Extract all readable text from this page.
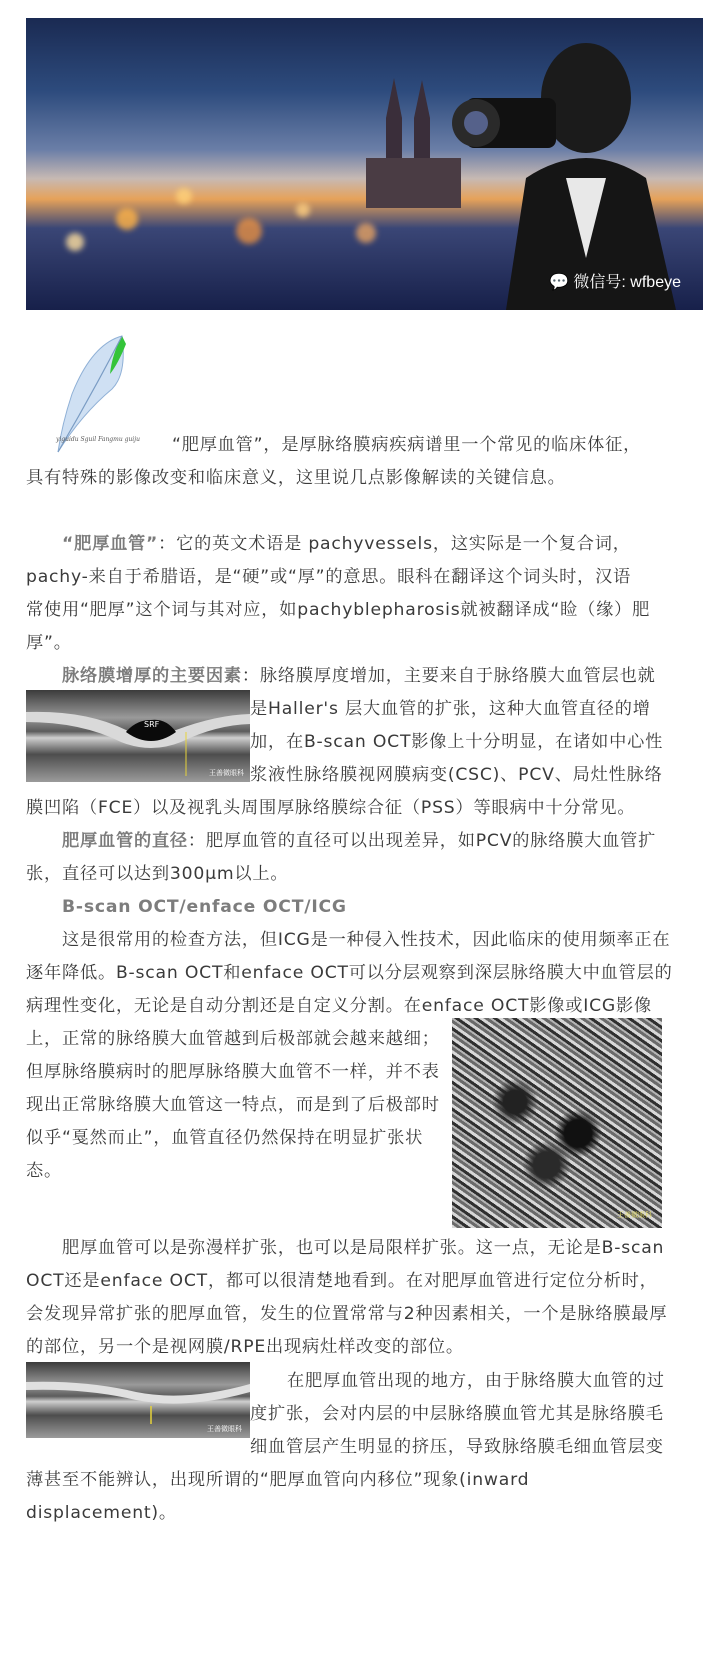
💬 微信号: wfbeye
yiguidu Sguil Fangmu guiju “肥厚血管”，是厚脉络膜病疾病谱里一个常见的临床体征，

具有特殊的影像改变和临床意义，这里说几点影像解读的关键信息。

“肥厚血管”：它的英文术语是 pachyvessels，这实际是一个复合词，

pachy-来自于希腊语，是“硬”或“厚”的意思。眼科在翻译这个词头时，汉语

常使用“肥厚”这个词与其对应，如pachyblepharosis就被翻译成“睑（缘）肥

厚”。

脉络膜增厚的主要因素：脉络膜厚度增加，主要来自于脉络膜大血管层也就

SRF
王善微眼科

是Haller's 层大血管的扩张，这种大血管直径的增

加，在B-scan OCT影像上十分明显，在诸如中心性

浆液性脉络膜视网膜病变(CSC)、PCV、局灶性脉络

膜凹陷（FCE）以及视乳头周围厚脉络膜综合征（PSS）等眼病中十分常见。

肥厚血管的直径：肥厚血管的直径可以出现差异，如PCV的脉络膜大血管扩

张，直径可以达到300μm以上。

B-scan OCT/enface OCT/ICG

这是很常用的检查方法，但ICG是一种侵入性技术，因此临床的使用频率正在

逐年降低。B-scan OCT和enface OCT可以分层观察到深层脉络膜大中血管层的

病理性变化，无论是自动分割还是自定义分割。在enface OCT影像或ICG影像

上，正常的脉络膜大血管越到后极部就会越来越细；

但厚脉络膜病时的肥厚脉络膜大血管不一样，并不表

现出正常脉络膜大血管这一特点，而是到了后极部时

似乎“戛然而止”，血管直径仍然保持在明显扩张状

态。

王善微眼科

肥厚血管可以是弥漫样扩张，也可以是局限样扩张。这一点，无论是B-scan

OCT还是enface OCT，都可以很清楚地看到。在对肥厚血管进行定位分析时，

会发现异常扩张的肥厚血管，发生的位置常常与2种因素相关，一个是脉络膜最厚

的部位，另一个是视网膜/RPE出现病灶样改变的部位。

王善微眼科

在肥厚血管出现的地方，由于脉络膜大血管的过

度扩张，会对内层的中层脉络膜血管尤其是脉络膜毛

细血管层产生明显的挤压，导致脉络膜毛细血管层变

薄甚至不能辨认，出现所谓的“肥厚血管向内移位”现象(inward

displacement)。
